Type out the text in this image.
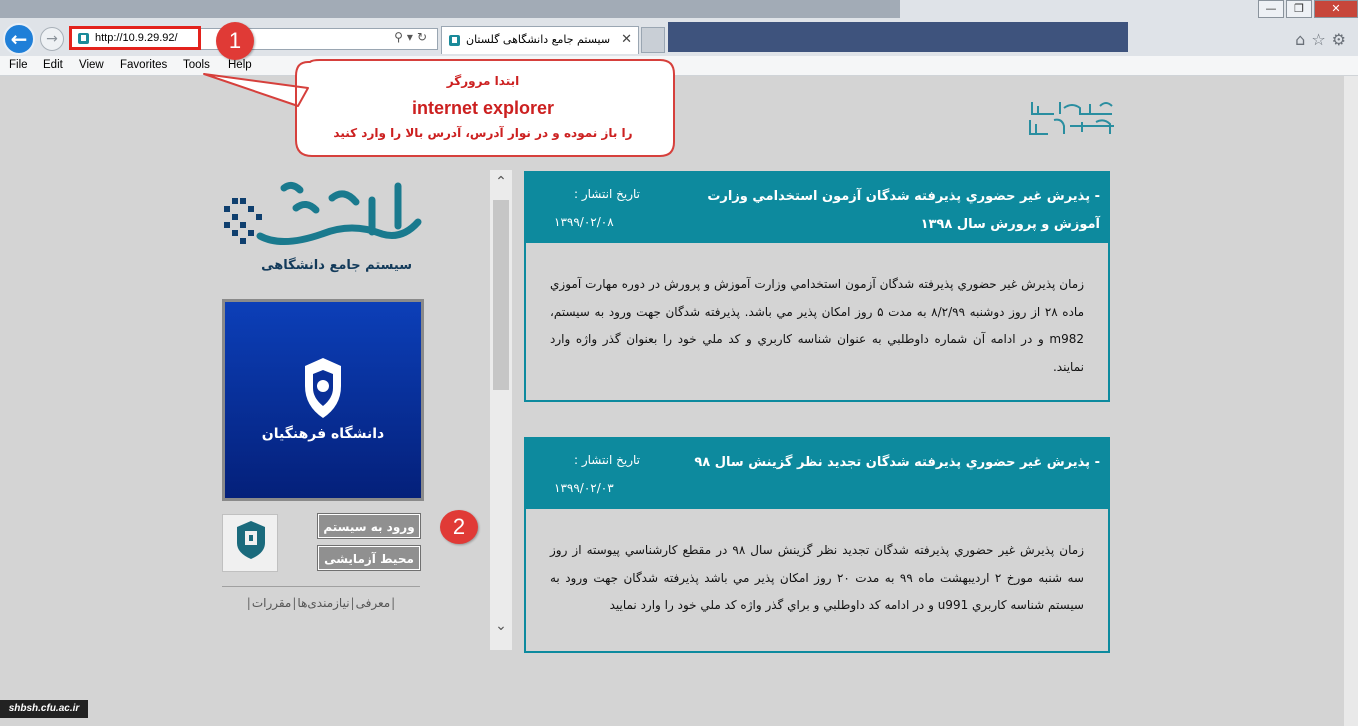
—	❐	✕
← →	http://10.9.29.92/	⚲▾↻	سیستم جامع دانشگاهی گلستان ✕	⌂☆⚙
File Edit View Favorites Tools Help
سیستم جامع دانشگاهی
دانشگاه فرهنگیان
ورود به سیستم
محیط آزمایشی
|معرفی|نیازمندی‌ها|مقررات|
⌃
⌄
- پذيرش غير حضوري پذيرفته شدگان آزمون استخدامي وزارت آموزش و پرورش سال ۱۳۹۸
تاريخ انتشار :
۱۳۹۹/۰۲/۰۸
زمان پذيرش غير حضوري پذيرفته شدگان آزمون استخدامي وزارت آموزش و پرورش در دوره مهارت آموزي ماده ۲۸ از روز دوشنبه ۸/۲/۹۹ به مدت ۵ روز امکان پذير مي باشد. پذيرفته شدگان جهت ورود به سيستم، m982 و در ادامه آن شماره داوطلبي به عنوان شناسه کاربري و کد ملي خود را بعنوان گذر واژه وارد نمايند.
- پذيرش غير حضوري پذيرفته شدگان تجديد نظر گزينش سال ۹۸
تاريخ انتشار :
۱۳۹۹/۰۲/۰۳
زمان پذيرش غير حضوري پذيرفته شدگان تجديد نظر گزينش سال ۹۸ در مقطع کارشناسي پيوسته از روز سه شنبه مورخ ۲ ارديبهشت ماه ۹۹ به مدت ۲۰ روز امکان پذير مي باشد پذيرفته شدگان جهت ورود به سيستم شناسه کاربري u991 و در ادامه کد داوطلبي و براي گذر واژه کد ملي خود را وارد نماييد
ابتدا مرورگر
internet explorer
را باز نموده و در نوار آدرس، آدرس بالا را وارد کنید
1
2
shbsh.cfu.ac.ir
